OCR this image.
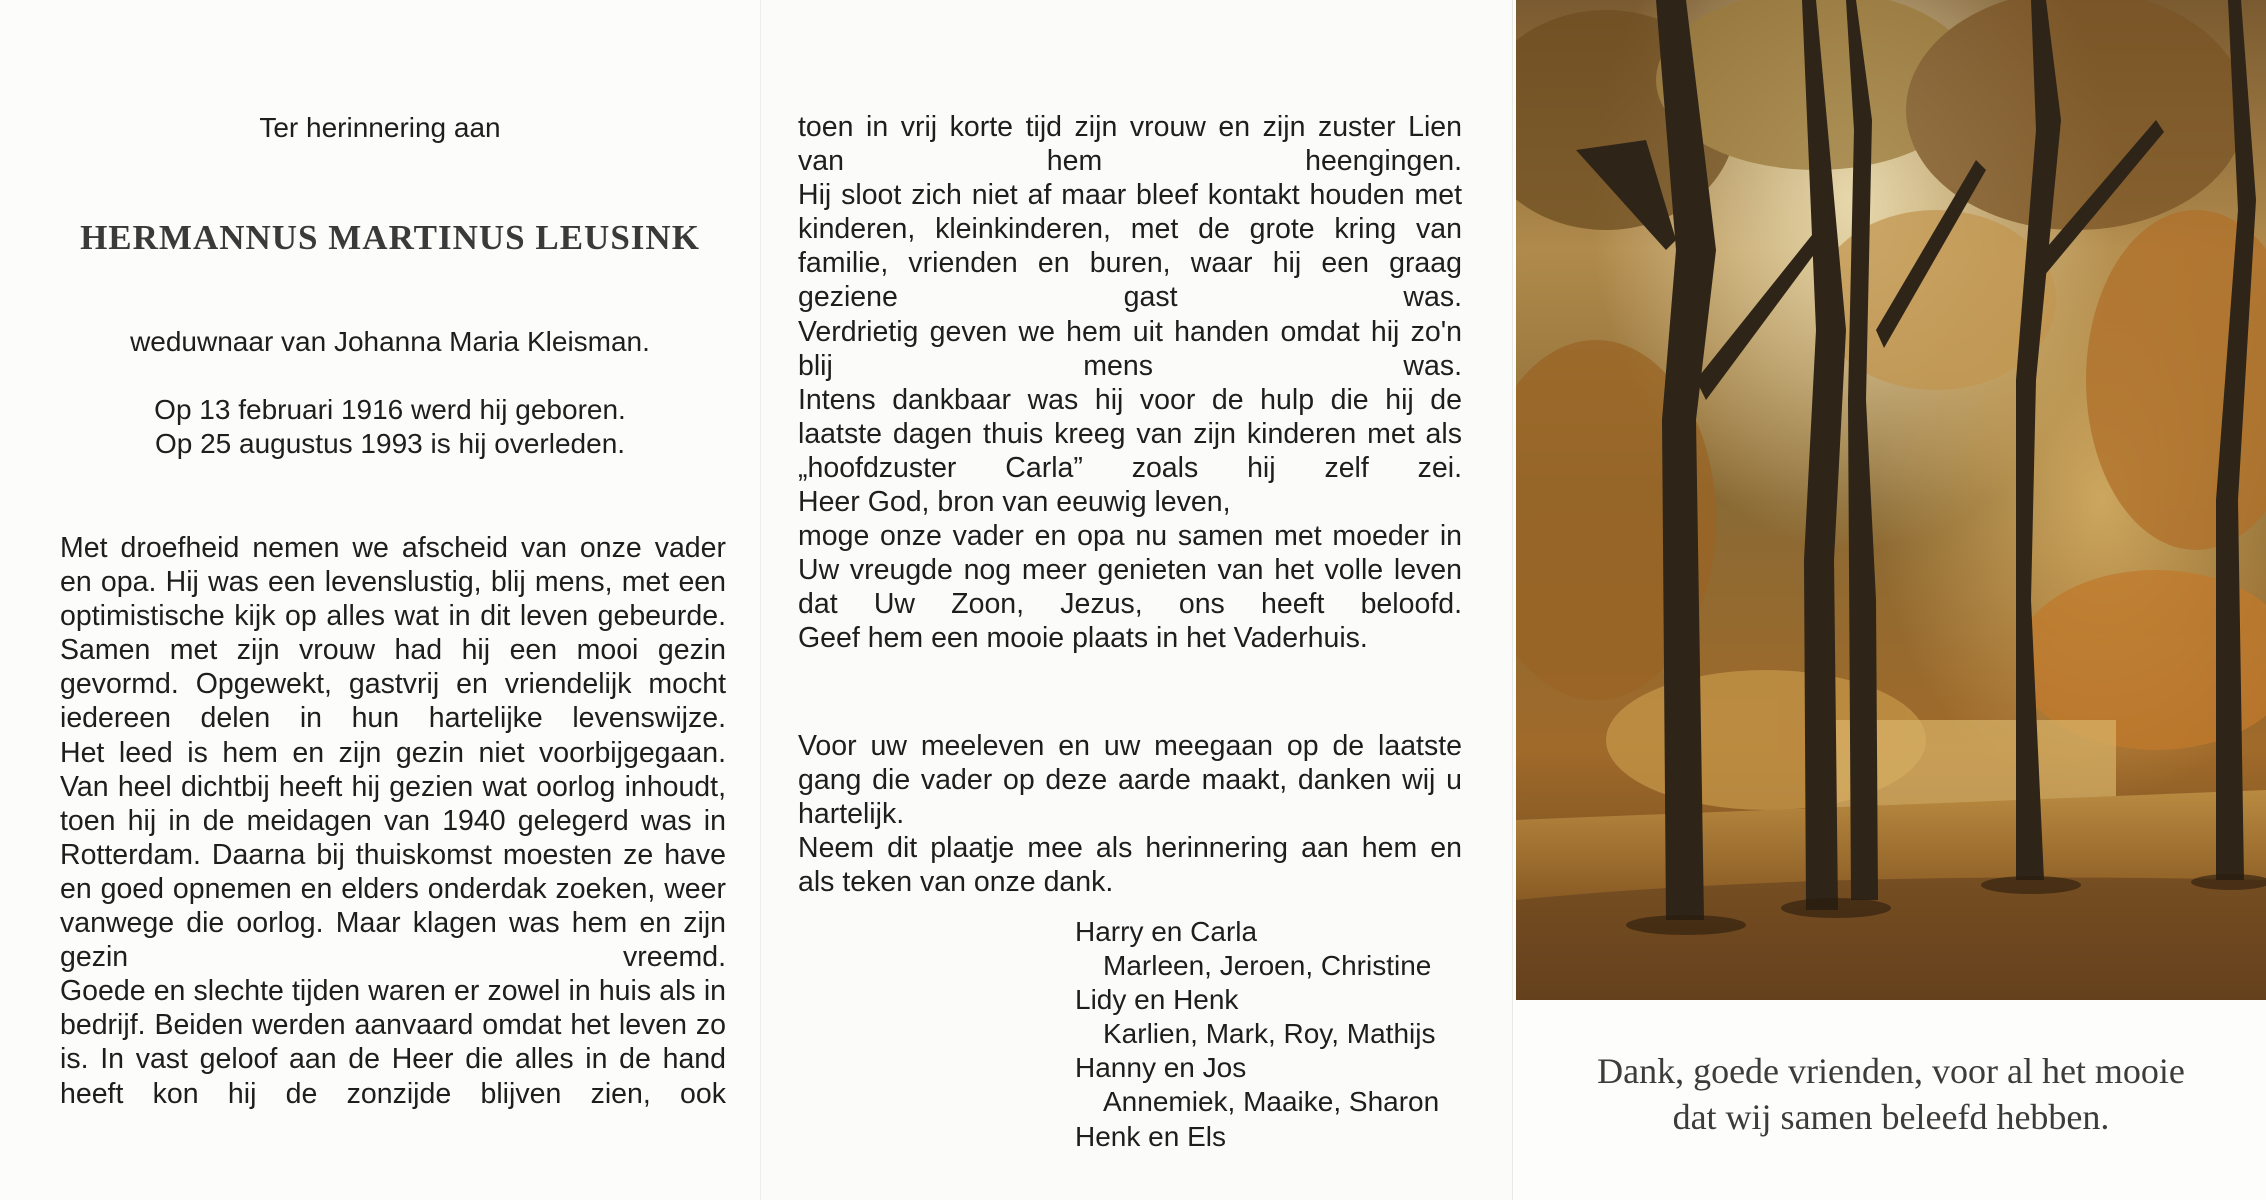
Ter herinnering aan
HERMANNUS MARTINUS LEUSINK
weduwnaar van Johanna Maria Kleisman.
Op 13 februari 1916 werd hij geboren.
Op 25 augustus 1993 is hij overleden.

Met droefheid nemen we afscheid van onze vader en opa. Hij was een levenslustig, blij mens, met een optimistische kijk op alles wat in dit leven gebeurde.

Samen met zijn vrouw had hij een mooi gezin gevormd. Opgewekt, gastvrij en vriendelijk mocht iedereen delen in hun hartelijke levenswijze.

Het leed is hem en zijn gezin niet voorbijgegaan. Van heel dichtbij heeft hij gezien wat oorlog inhoudt, toen hij in de meidagen van 1940 gelegerd was in Rotterdam. Daarna bij thuiskomst moesten ze have en goed opnemen en elders onderdak zoeken, weer vanwege die oorlog. Maar klagen was hem en zijn gezin vreemd.

Goede en slechte tijden waren er zowel in huis als in bedrijf. Beiden werden aanvaard omdat het leven zo is. In vast geloof aan de Heer die alles in de hand heeft kon hij de zonzijde blijven zien, ook

toen in vrij korte tijd zijn vrouw en zijn zuster Lien van hem heengingen.

Hij sloot zich niet af maar bleef kontakt houden met kinderen, kleinkinderen, met de grote kring van familie, vrienden en buren, waar hij een graag geziene gast was.

Verdrietig geven we hem uit handen omdat hij zo'n blij mens was.

Intens dankbaar was hij voor de hulp die hij de laatste dagen thuis kreeg van zijn kinderen met als „hoofdzuster Carla” zoals hij zelf zei.

Heer God, bron van eeuwig leven,

moge onze vader en opa nu samen met moeder in Uw vreugde nog meer genieten van het volle leven dat Uw Zoon, Jezus, ons heeft beloofd.

Geef hem een mooie plaats in het Vaderhuis.

Voor uw meeleven en uw meegaan op de laatste gang die vader op deze aarde maakt, danken wij u hartelijk.

Neem dit plaatje mee als herinnering aan hem en als teken van onze dank.

Harry en Carla
Marleen, Jeroen, Christine
Lidy en Henk
Karlien, Mark, Roy, Mathijs
Hanny en Jos
Annemiek, Maaike, Sharon
Henk en Els
Dank, goede vrienden, voor al het mooie
dat wij samen beleefd hebben.
